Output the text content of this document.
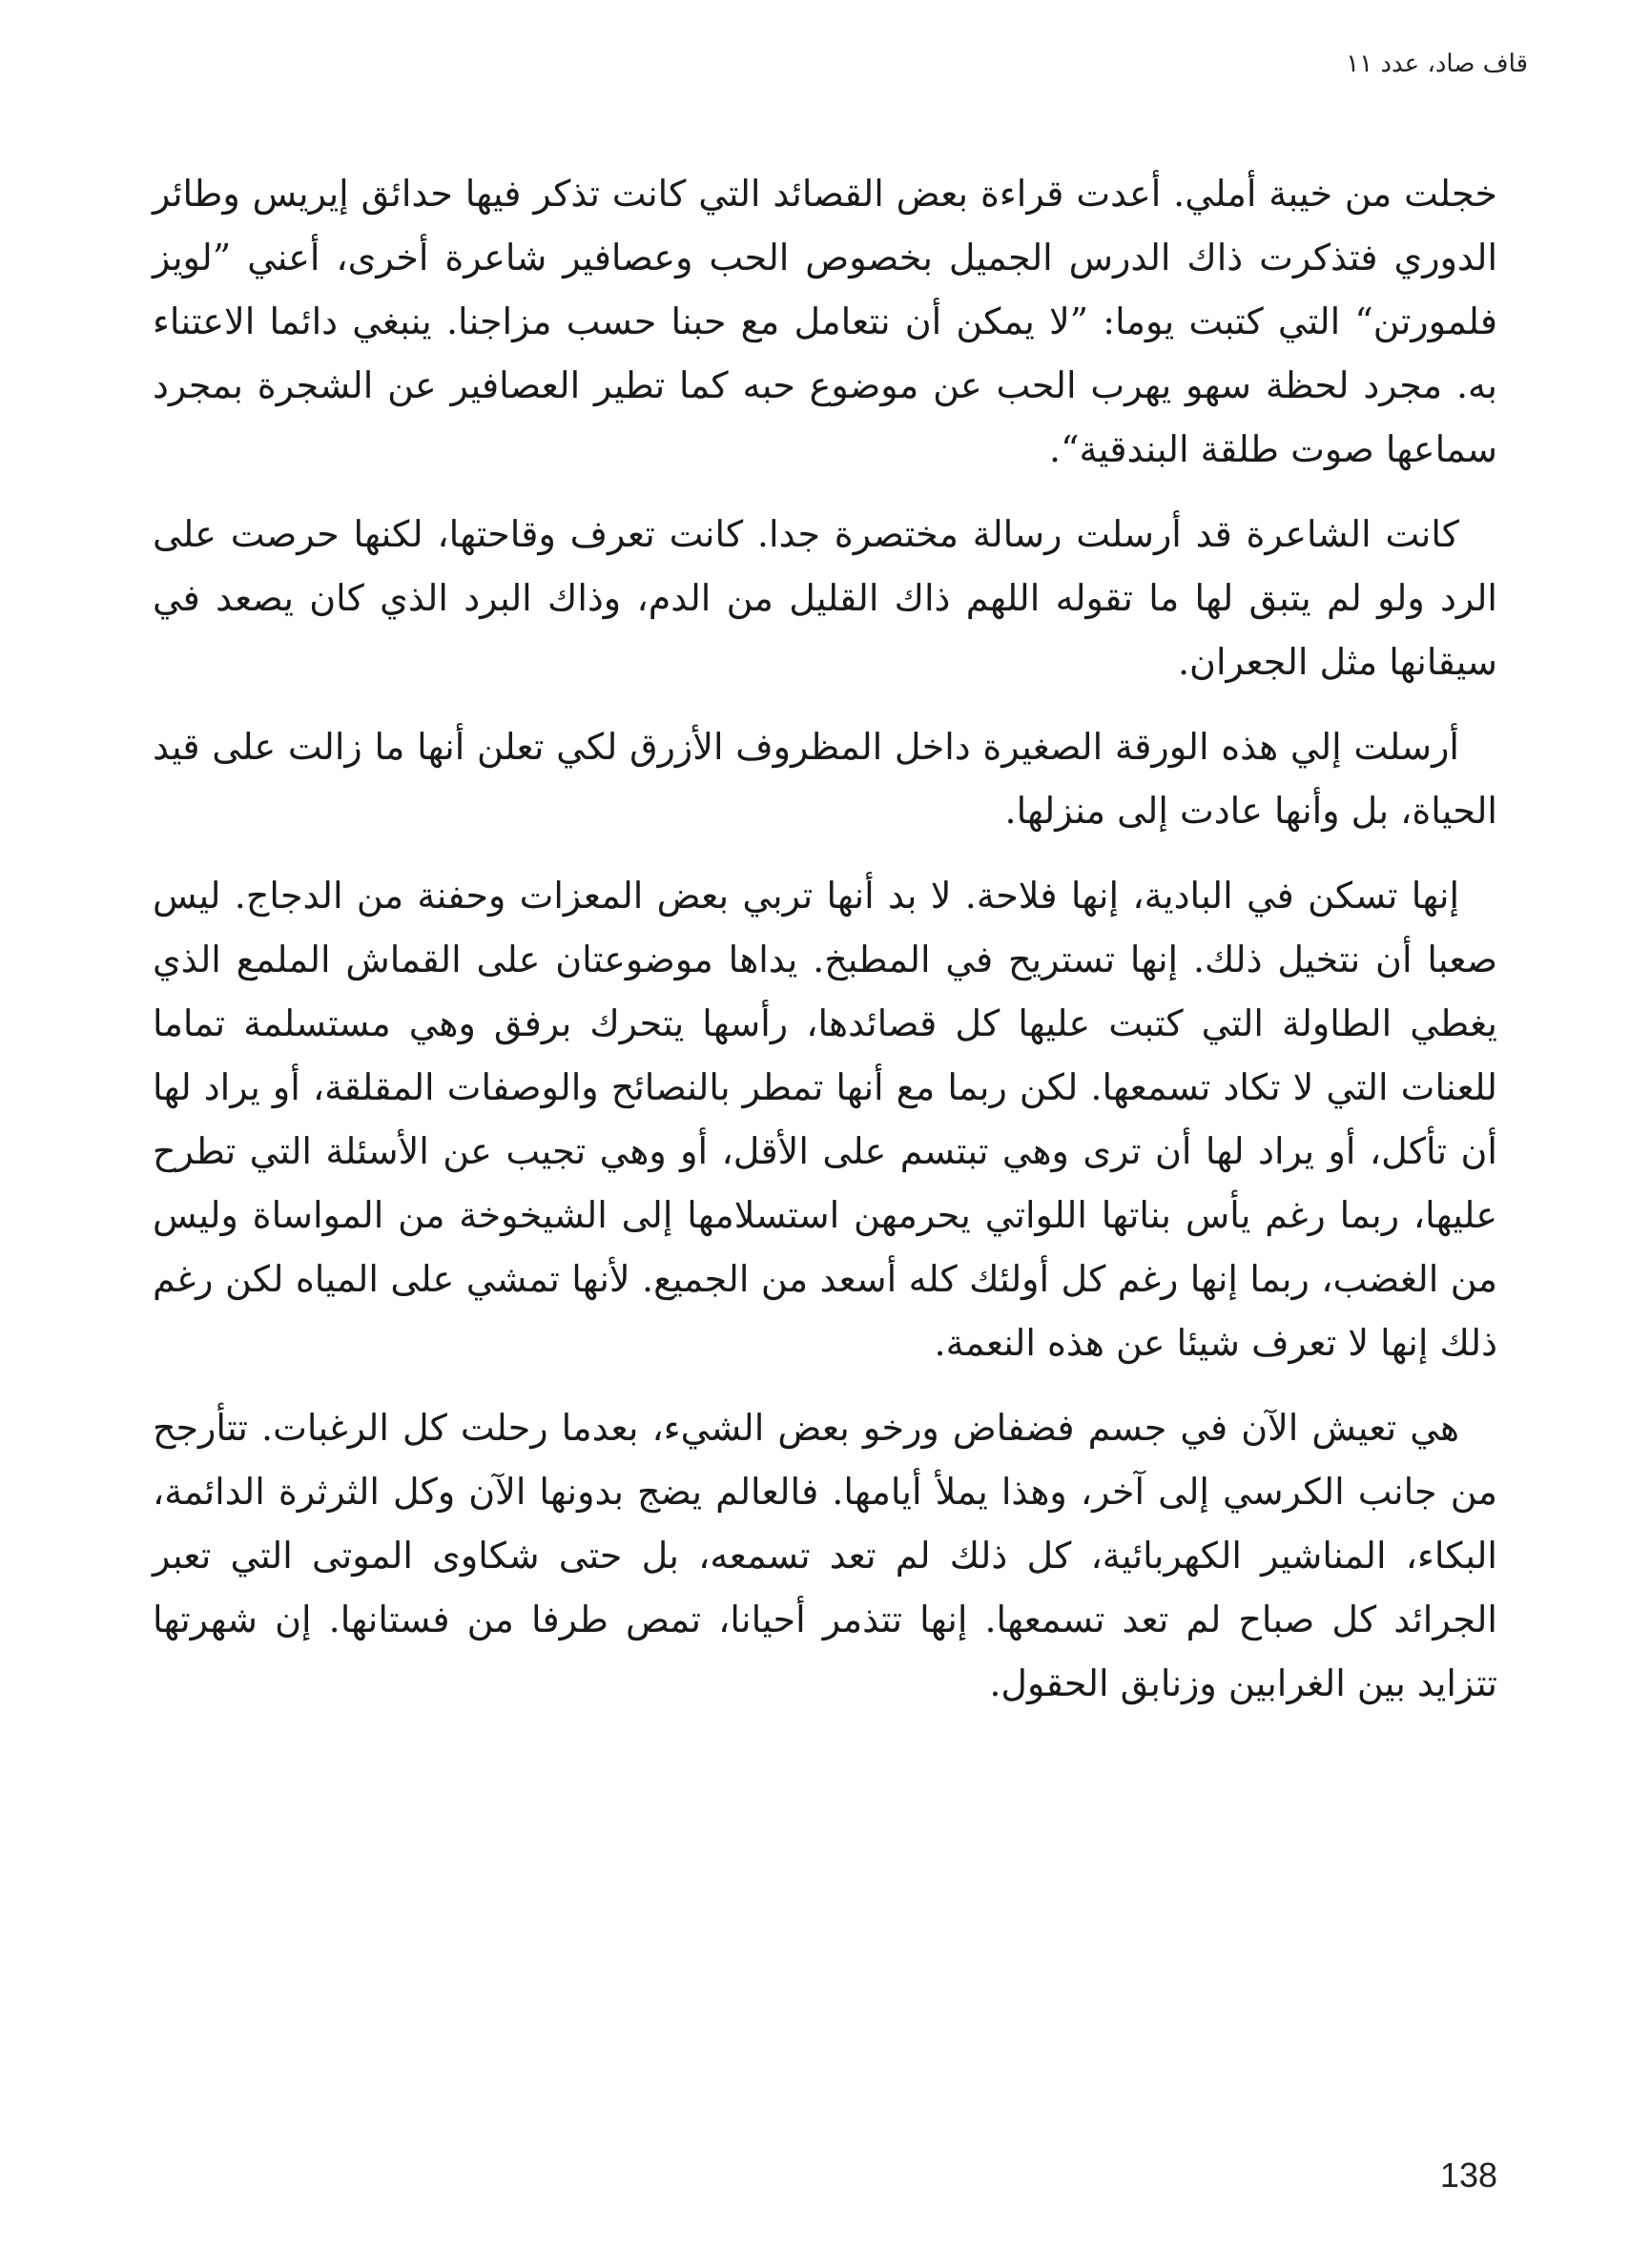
قاف صاد، عدد ١١

خجلت من خيبة أملي. أعدت قراءة بعض القصائد التي كانت تذكر فيها حدائق إيريس وطائر الدوري فتذكرت ذاك الدرس الجميل بخصوص الحب وعصافير شاعرة أخرى، أعني ”لويز فلمورتن“ التي كتبت يوما: ”لا يمكن أن نتعامل مع حبنا حسب مزاجنا. ينبغي دائما الاعتناء به. مجرد لحظة سهو يهرب الحب عن موضوع حبه كما تطير العصافير عن الشجرة بمجرد سماعها صوت طلقة البندقية“.

كانت الشاعرة قد أرسلت رسالة مختصرة جدا. كانت تعرف وقاحتها، لكنها حرصت على الرد ولو لم يتبق لها ما تقوله اللهم ذاك القليل من الدم، وذاك البرد الذي كان يصعد في سيقانها مثل الجعران.

أرسلت إلي هذه الورقة الصغيرة داخل المظروف الأزرق لكي تعلن أنها ما زالت على قيد الحياة، بل وأنها عادت إلى منزلها.

إنها تسكن في البادية، إنها فلاحة. لا بد أنها تربي بعض المعزات وحفنة من الدجاج. ليس صعبا أن نتخيل ذلك. إنها تستريح في المطبخ. يداها موضوعتان على القماش الملمع الذي يغطي الطاولة التي كتبت عليها كل قصائدها، رأسها يتحرك برفق وهي مستسلمة تماما للعنات التي لا تكاد تسمعها. لكن ربما مع أنها تمطر بالنصائح والوصفات المقلقة، أو يراد لها أن تأكل، أو يراد لها أن ترى وهي تبتسم على الأقل، أو وهي تجيب عن الأسئلة التي تطرح عليها، ربما رغم يأس بناتها اللواتي يحرمهن استسلامها إلى الشيخوخة من المواساة وليس من الغضب، ربما إنها رغم كل أولئك كله أسعد من الجميع. لأنها تمشي على المياه لكن رغم ذلك إنها لا تعرف شيئا عن هذه النعمة.

هي تعيش الآن في جسم فضفاض ورخو بعض الشيء، بعدما رحلت كل الرغبات. تتأرجح من جانب الكرسي إلى آخر، وهذا يملأ أيامها. فالعالم يضج بدونها الآن وكل الثرثرة الدائمة، البكاء، المناشير الكهربائية، كل ذلك لم تعد تسمعه، بل حتى شكاوى الموتى التي تعبر الجرائد كل صباح لم تعد تسمعها. إنها تتذمر أحيانا، تمص طرفا من فستانها. إن شهرتها تتزايد بين الغرابين وزنابق الحقول.

138
